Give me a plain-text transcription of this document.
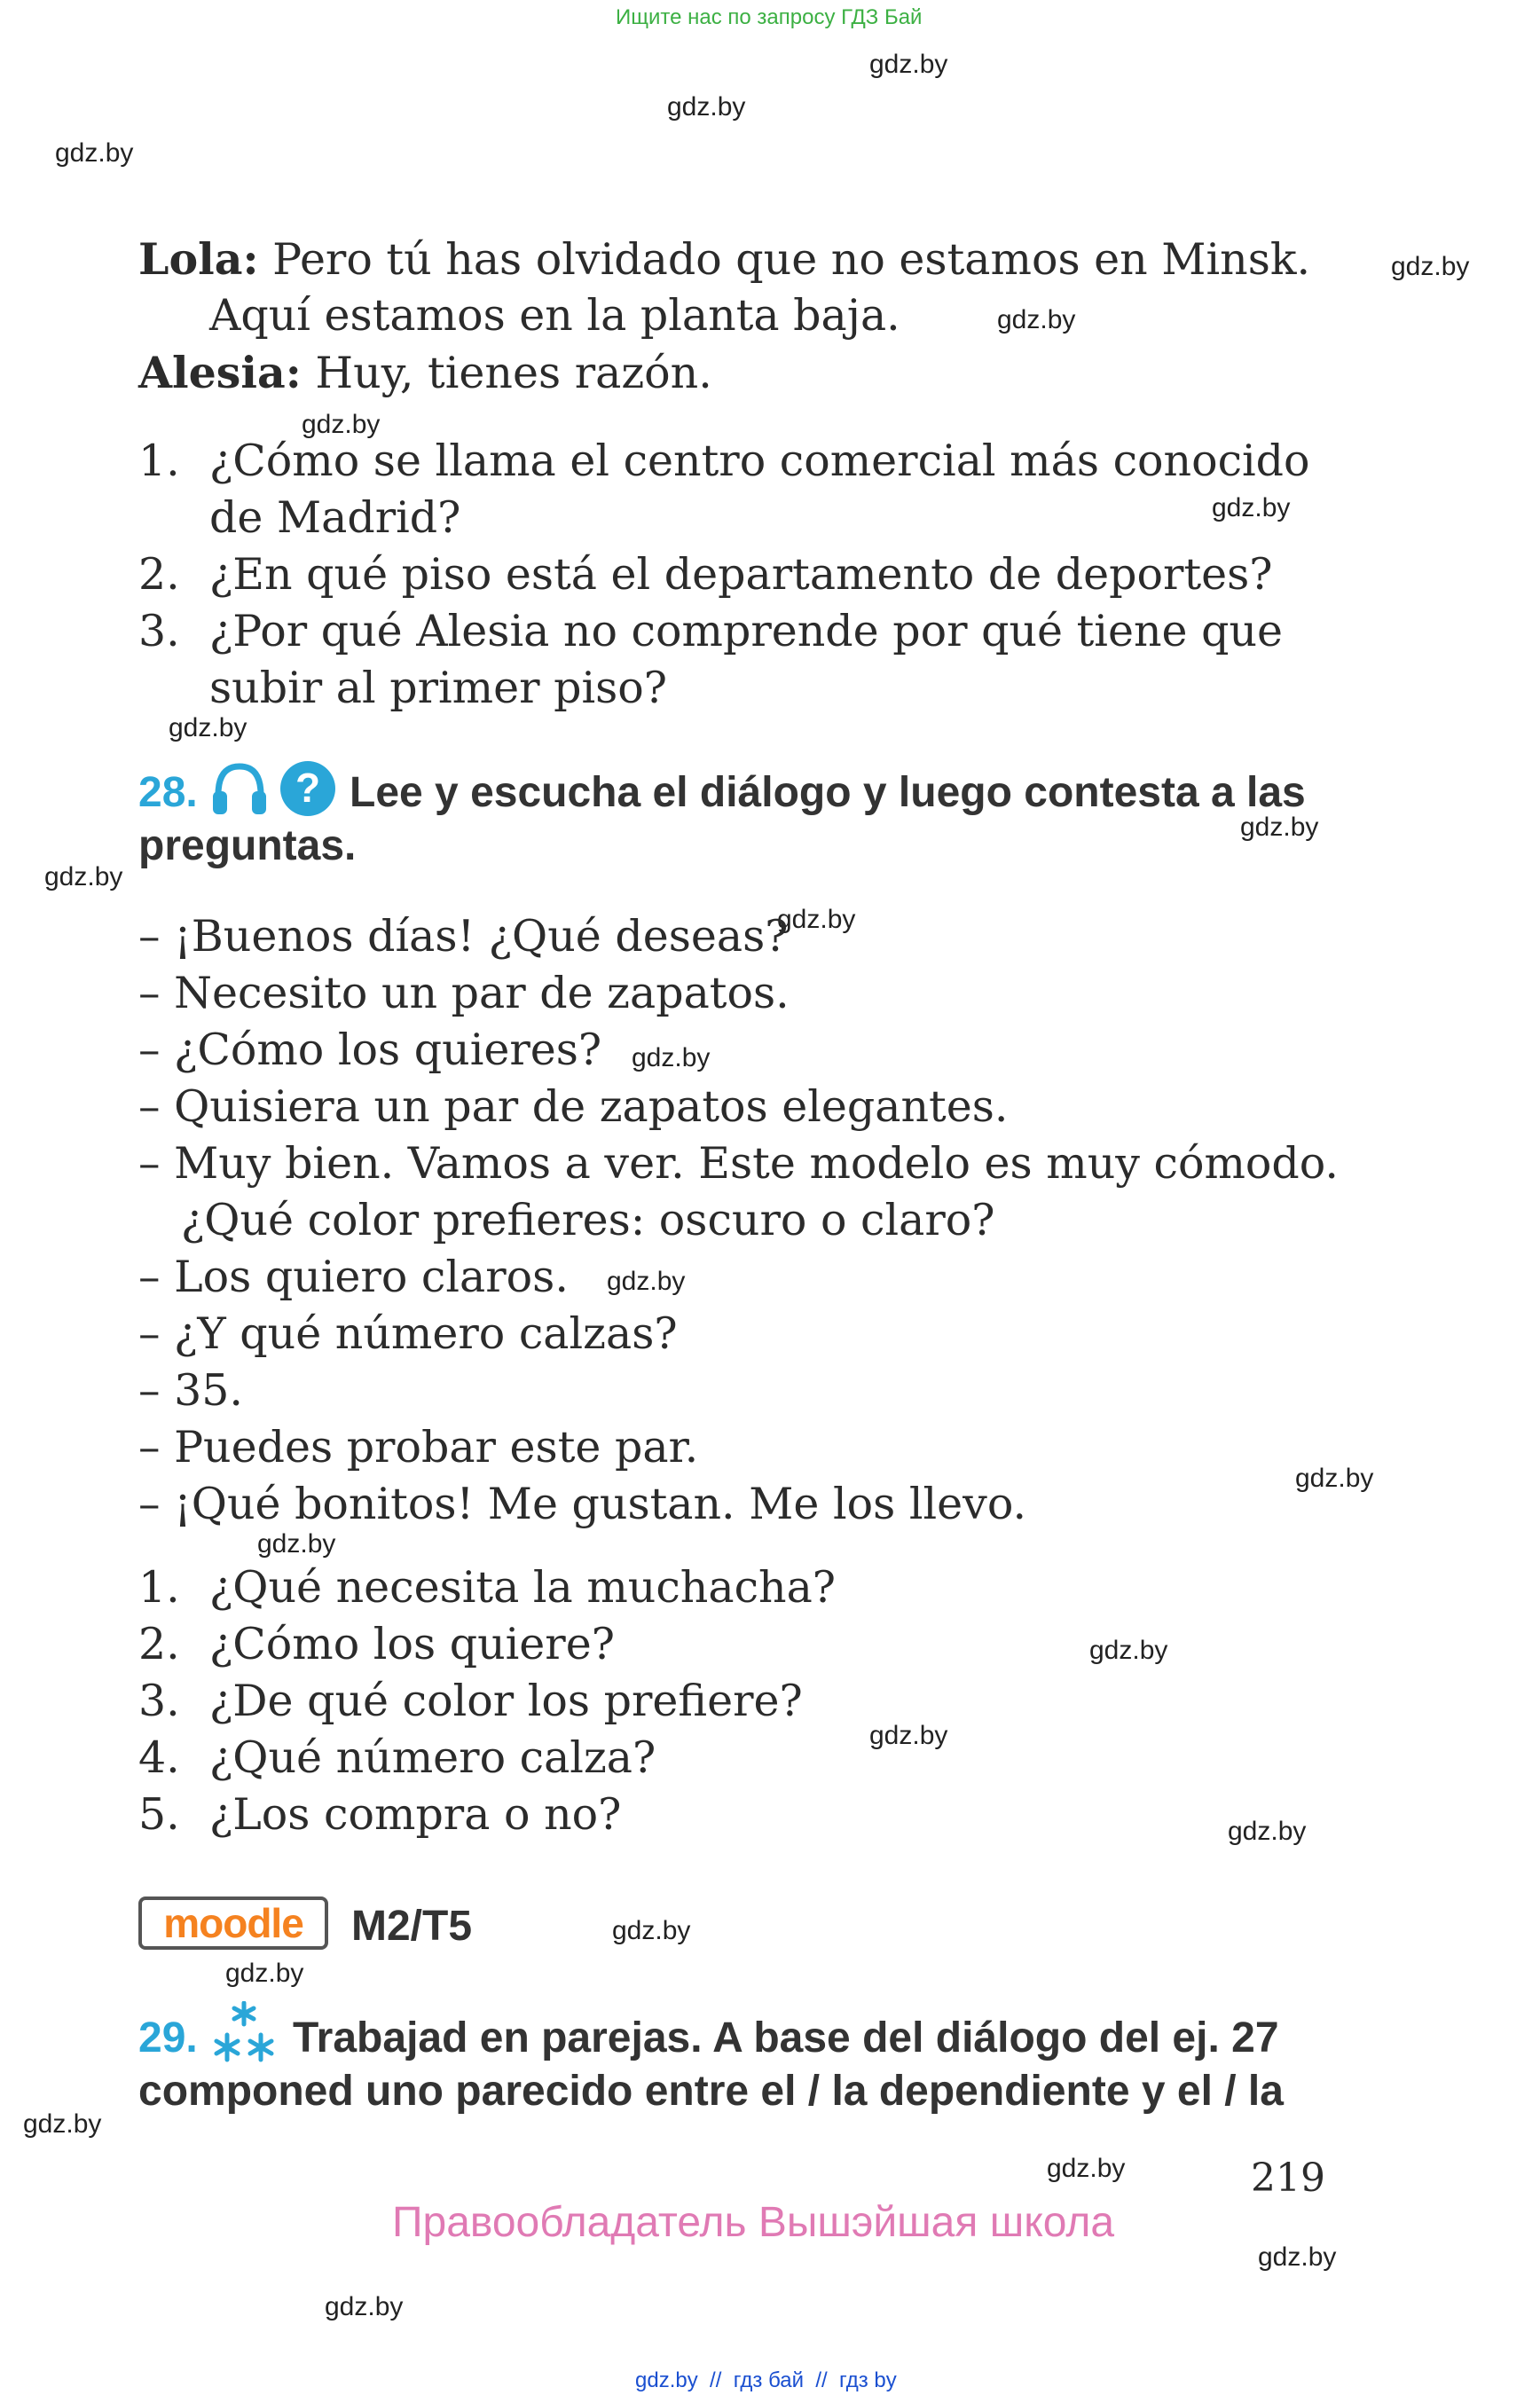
Ищите нас по запросу ГДЗ Бай
gdz.by
gdz.by
gdz.by
gdz.by
gdz.by
gdz.by
gdz.by
gdz.by
gdz.by
gdz.by
gdz.by
gdz.by
gdz.by
gdz.by
gdz.by
gdz.by
gdz.by
gdz.by
gdz.by
gdz.by
gdz.by
gdz.by
gdz.by
gdz.by
Lola: Pero tú has olvidado que no estamos en Minsk.
Aquí estamos en la planta baja.
Alesia: Huy, tienes razón.
1. ¿Cómo se llama el centro comercial más conocido
de Madrid?
2. ¿En qué piso está el departamento de deportes?
3. ¿Por qué Alesia no comprende por qué tiene que
subir al primer piso?
28. ? Lee y escucha el diálogo y luego contesta a las
preguntas.
– ¡Buenos días! ¿Qué deseas?
– Necesito un par de zapatos.
– ¿Cómo los quieres?
– Quisiera un par de zapatos elegantes.
– Muy bien. Vamos a ver. Este modelo es muy cómodo.
¿Qué color prefieres: oscuro o claro?
– Los quiero claros.
– ¿Y qué número calzas?
– 35.
– Puedes probar este par.
– ¡Qué bonitos! Me gustan. Me los llevo.
1. ¿Qué necesita la muchacha?
2. ¿Cómo los quiere?
3. ¿De qué color los prefiere?
4. ¿Qué número calza?
5. ¿Los compra o no?
moodle M2/T5
29. Trabajad en parejas. A base del diálogo del ej. 27
componed uno parecido entre el / la dependiente y el / la
219
Правообладатель Вышэйшая школа
gdz.by  //  гдз бай  //  гдз by
